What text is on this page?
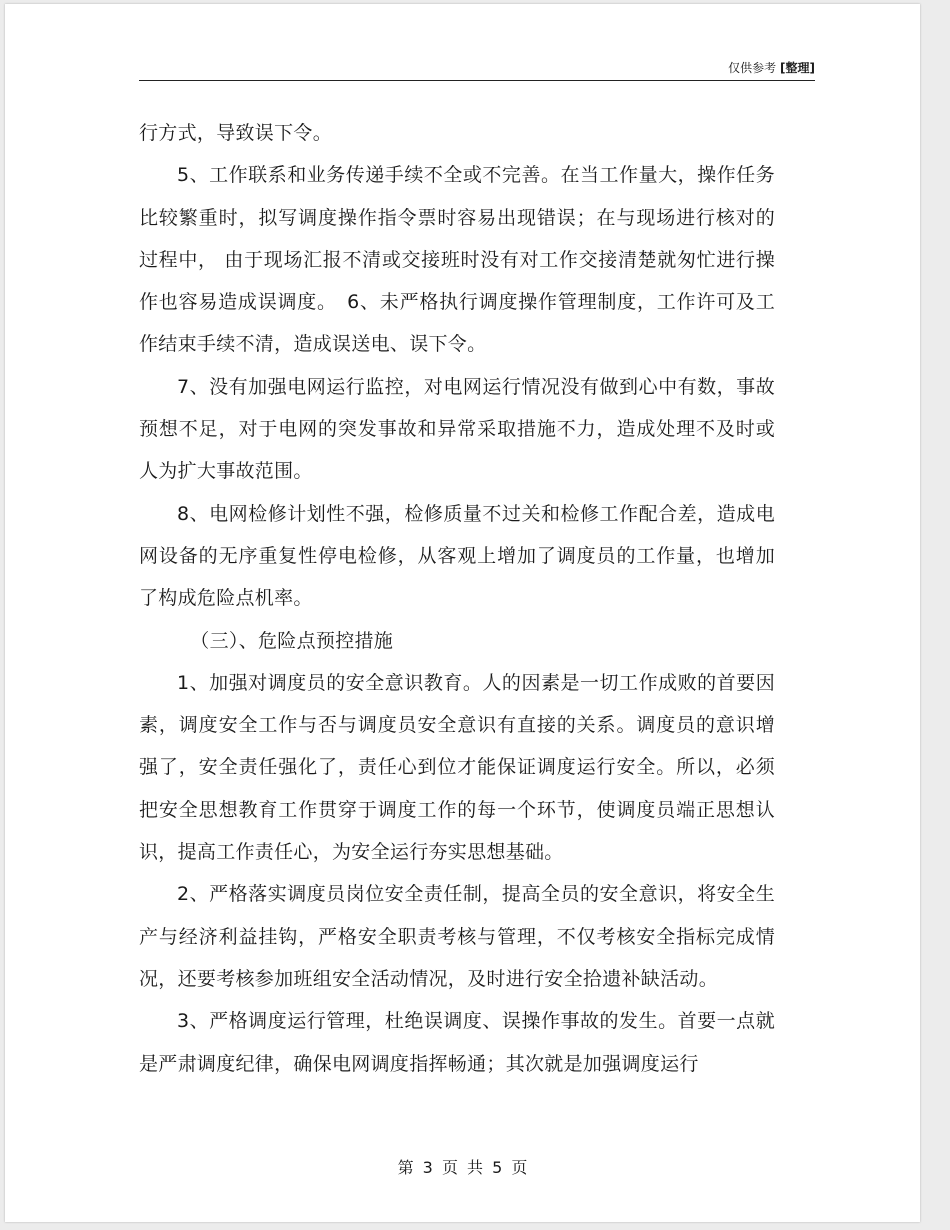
仅供参考 [整理]

行方式，导致误下令。

5、工作联系和业务传递手续不全或不完善。在当工作量大，操作任务比较繁重时，拟写调度操作指令票时容易出现错误；在与现场进行核对的过程中， 由于现场汇报不清或交接班时没有对工作交接清楚就匆忙进行操作也容易造成误调度。　6、未严格执行调度操作管理制度，工作许可及工作结束手续不清，造成误送电、误下令。

7、没有加强电网运行监控，对电网运行情况没有做到心中有数，事故预想不足，对于电网的突发事故和异常采取措施不力，造成处理不及时或人为扩大事故范围。

8、电网检修计划性不强，检修质量不过关和检修工作配合差，造成电网设备的无序重复性停电检修，从客观上增加了调度员的工作量，也增加了构成危险点机率。

（三）、危险点预控措施

1、加强对调度员的安全意识教育。人的因素是一切工作成败的首要因素，调度安全工作与否与调度员安全意识有直接的关系。调度员的意识增强了，安全责任强化了，责任心到位才能保证调度运行安全。所以，必须把安全思想教育工作贯穿于调度工作的每一个环节，使调度员端正思想认识，提高工作责任心，为安全运行夯实思想基础。

2、严格落实调度员岗位安全责任制，提高全员的安全意识，将安全生产与经济利益挂钩，严格安全职责考核与管理，不仅考核安全指标完成情况，还要考核参加班组安全活动情况，及时进行安全拾遗补缺活动。

3、严格调度运行管理，杜绝误调度、误操作事故的发生。首要一点就是严肃调度纪律，确保电网调度指挥畅通；其次就是加强调度运行

第 3 页 共 5 页
